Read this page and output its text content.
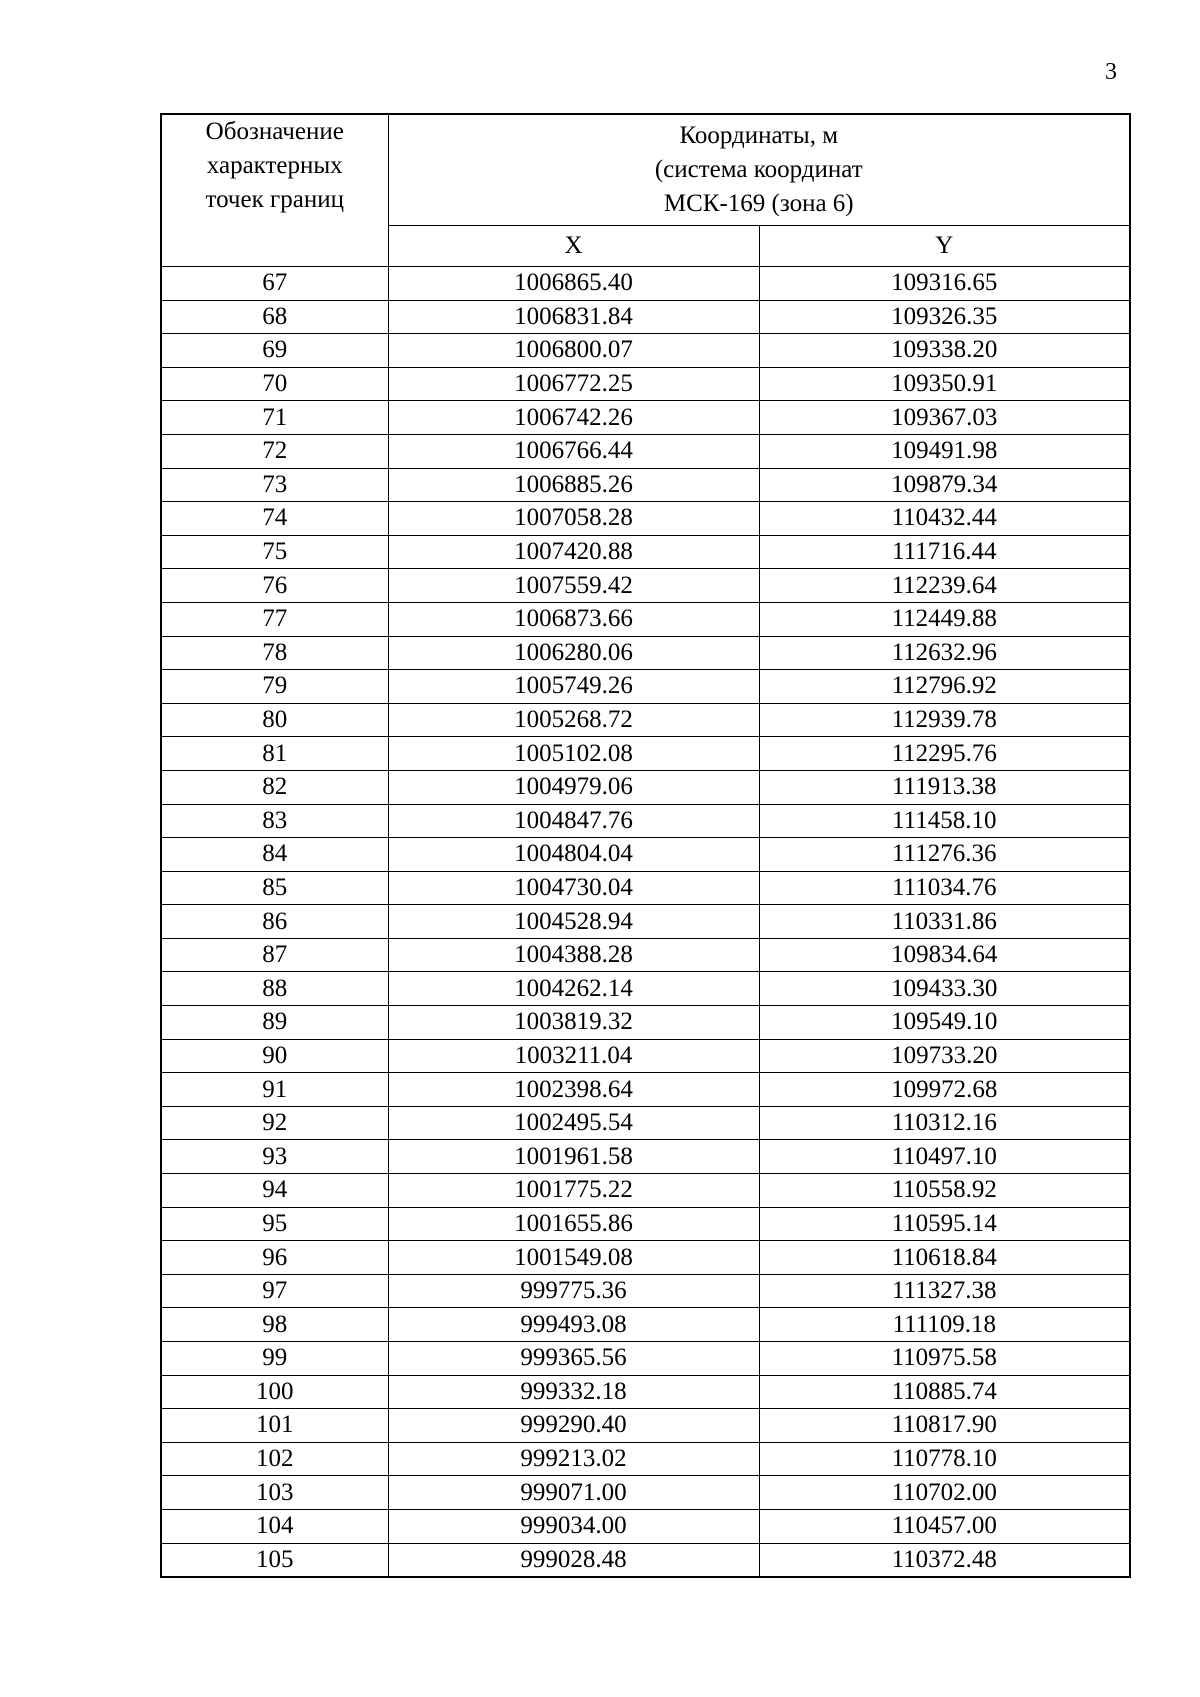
3
Обозначение
характерных
точек границ	Координаты, м
(система координат
МСК-169 (зона 6)	

	X	Y
67	1006865.40	109316.65
68	1006831.84	109326.35
69	1006800.07	109338.20
70	1006772.25	109350.91
71	1006742.26	109367.03
72	1006766.44	109491.98
73	1006885.26	109879.34
74	1007058.28	110432.44
75	1007420.88	111716.44
76	1007559.42	112239.64
77	1006873.66	112449.88
78	1006280.06	112632.96
79	1005749.26	112796.92
80	1005268.72	112939.78
81	1005102.08	112295.76
82	1004979.06	111913.38
83	1004847.76	111458.10
84	1004804.04	111276.36
85	1004730.04	111034.76
86	1004528.94	110331.86
87	1004388.28	109834.64
88	1004262.14	109433.30
89	1003819.32	109549.10
90	1003211.04	109733.20
91	1002398.64	109972.68
92	1002495.54	110312.16
93	1001961.58	110497.10
94	1001775.22	110558.92
95	1001655.86	110595.14
96	1001549.08	110618.84
97	999775.36	111327.38
98	999493.08	111109.18
99	999365.56	110975.58
100	999332.18	110885.74
101	999290.40	110817.90
102	999213.02	110778.10
103	999071.00	110702.00
104	999034.00	110457.00
105	999028.48	110372.48
